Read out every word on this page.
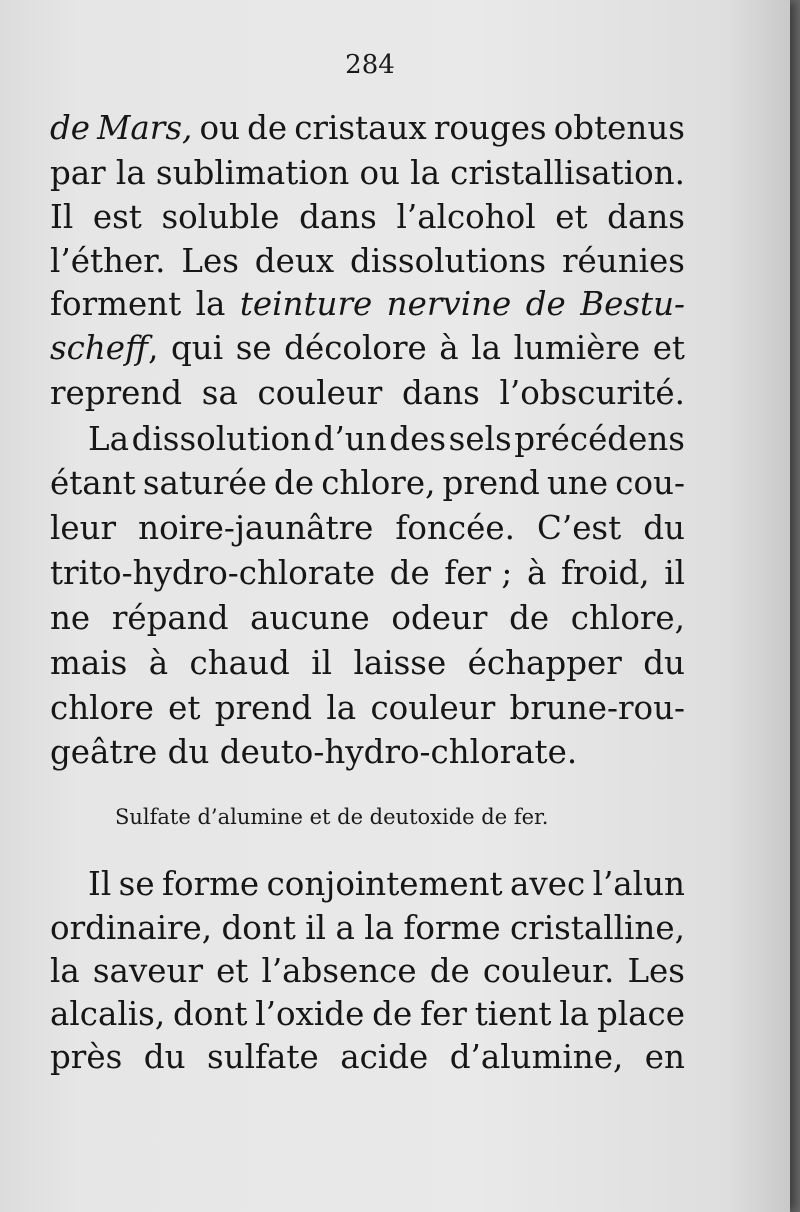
284
de Mars, ou de cristaux rouges obtenus
par la sublimation ou la cristallisation.
Il est soluble dans l’alcohol et dans
l’éther. Les deux dissolutions réunies
forment la teinture nervine de Bestu-
scheff, qui se décolore à la lumière et
reprend sa couleur dans l’obscurité.
La dissolution d’un des sels précédens
étant saturée de chlore, prend une cou-
leur noire-jaunâtre foncée. C’est du
trito-hydro-chlorate de fer ; à froid, il
ne répand aucune odeur de chlore,
mais à chaud il laisse échapper du
chlore et prend la couleur brune-rou-
geâtre du deuto-hydro-chlorate.
Sulfate d’alumine et de deutoxide de fer.
Il se forme conjointement avec l’alun
ordinaire, dont il a la forme cristalline,
la saveur et l’absence de couleur. Les
alcalis, dont l’oxide de fer tient la place
près du sulfate acide d’alumine, en
